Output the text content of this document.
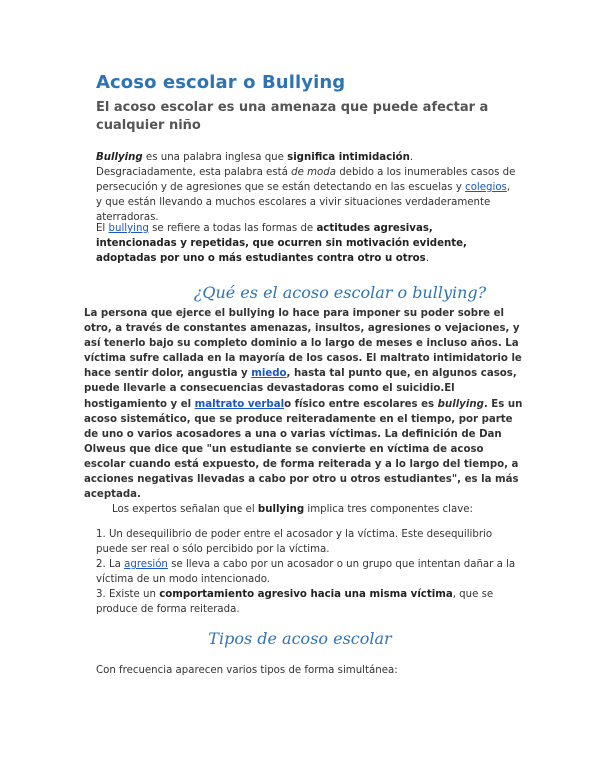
Acoso escolar o Bullying
El acoso escolar es una amenaza que puede afectar a cualquier niño
Bullying es una palabra inglesa que significa intimidación. Desgraciadamente, esta palabra está de moda debido a los inumerables casos de persecución y de agresiones que se están detectando en las escuelas y colegios, y que están llevando a muchos escolares a vivir situaciones verdaderamente aterradoras.
El bullying se refiere a todas las formas de actitudes agresivas, intencionadas y repetidas, que ocurren sin motivación evidente, adoptadas por uno o más estudiantes contra otro u otros.
¿Qué es el acoso escolar o bullying?
La persona que ejerce el bullying lo hace para imponer su poder sobre el otro, a través de constantes amenazas, insultos, agresiones o vejaciones, y así tenerlo bajo su completo dominio a lo largo de meses e incluso años. La víctima sufre callada en la mayoría de los casos. El maltrato intimidatorio le hace sentir dolor, angustia y miedo, hasta tal punto que, en algunos casos, puede llevarle a consecuencias devastadoras como el suicidio.El hostigamiento y el maltrato verbalo físico entre escolares es bullying. Es un acoso sistemático, que se produce reiteradamente en el tiempo, por parte de uno o varios acosadores a una o varias víctimas. La definición de Dan Olweus que dice que "un estudiante se convierte en víctima de acoso escolar cuando está expuesto, de forma reiterada y a lo largo del tiempo, a acciones negativas llevadas a cabo por otro u otros estudiantes", es la más aceptada.
Los expertos señalan que el bullying implica tres componentes clave:
1. Un desequilibrio de poder entre el acosador y la víctima. Este desequilibrio puede ser real o sólo percibido por la víctima.
2. La agresión se lleva a cabo por un acosador o un grupo que intentan dañar a la víctima de un modo intencionado.
3. Existe un comportamiento agresivo hacia una misma víctima, que se produce de forma reiterada.
Tipos de acoso escolar
Con frecuencia aparecen varios tipos de forma simultánea:
